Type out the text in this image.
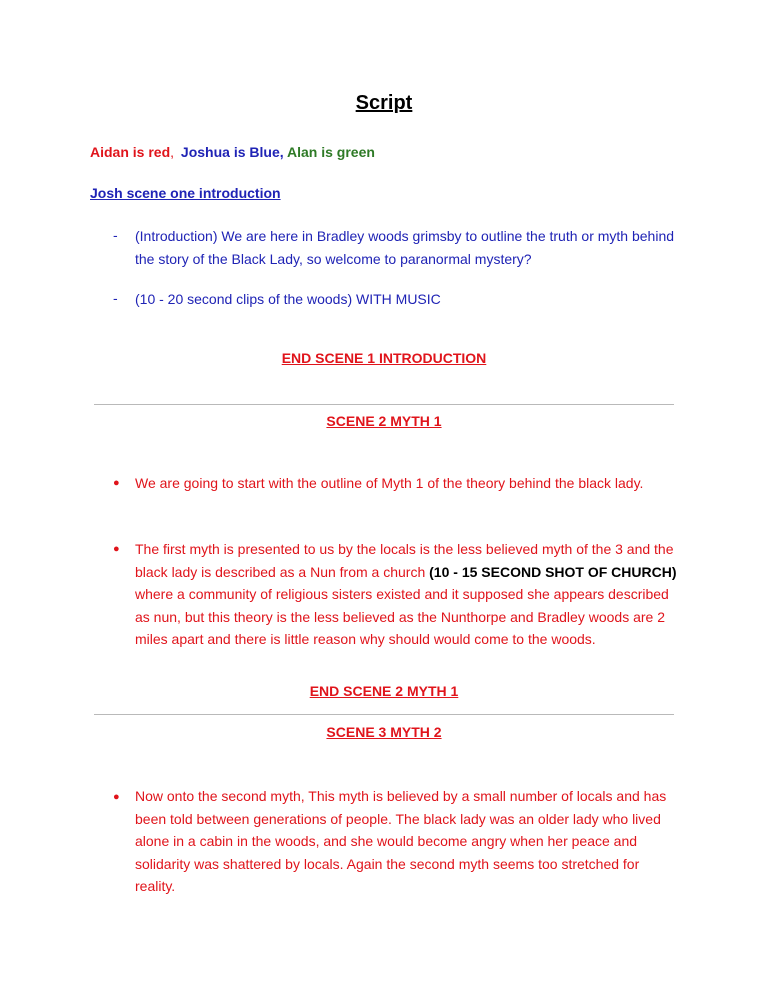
Script
Aidan is red, Joshua is Blue, Alan is green
Josh scene one introduction
- (Introduction) We are here in Bradley woods grimsby to outline the truth or myth behind the story of the Black Lady, so welcome to paranormal mystery?
- (10 - 20 second clips of the woods) WITH MUSIC
END SCENE 1 INTRODUCTION
SCENE 2 MYTH 1
● We are going to start with the outline of Myth 1 of the theory behind the black lady.
● The first myth is presented to us by the locals is the less believed myth of the 3 and the black lady is described as a Nun from a church (10 - 15 SECOND SHOT OF CHURCH) where a community of religious sisters existed and it supposed she appears described as nun, but this theory is the less believed as the Nunthorpe and Bradley woods are 2 miles apart and there is little reason why should would come to the woods.
END SCENE 2 MYTH 1
SCENE 3 MYTH 2
● Now onto the second myth, This myth is believed by a small number of locals and has been told between generations of people. The black lady was an older lady who lived alone in a cabin in the woods, and she would become angry when her peace and solidarity was shattered by locals. Again the second myth seems too stretched for reality.
